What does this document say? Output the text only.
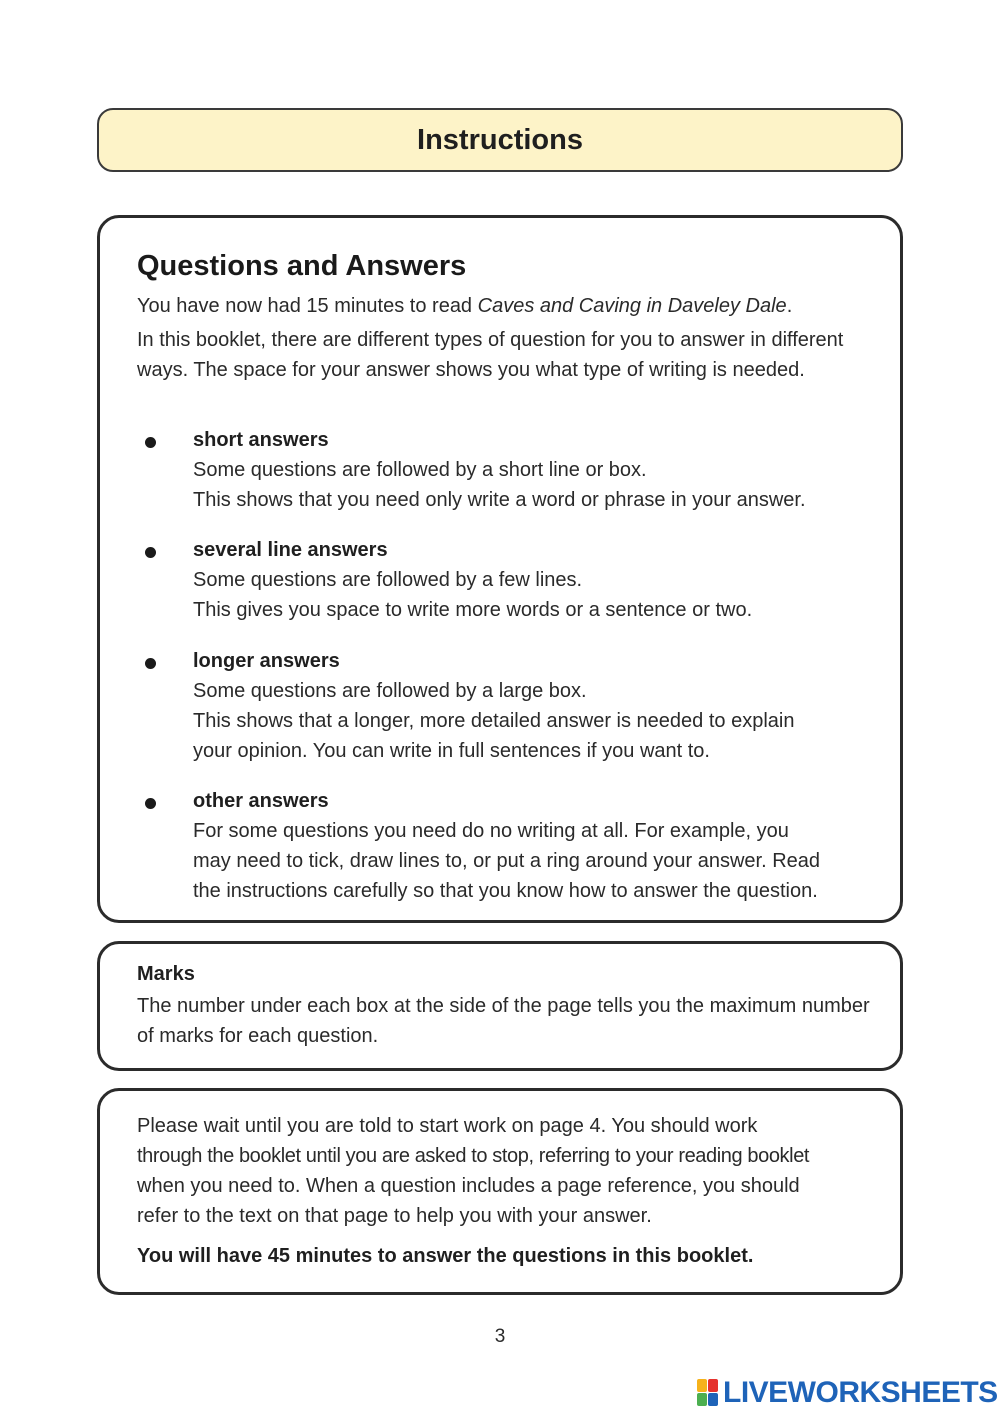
Instructions
Questions and Answers
You have now had 15 minutes to read Caves and Caving in Daveley Dale.
In this booklet, there are different types of question for you to answer in different ways. The space for your answer shows you what type of writing is needed.
short answers
Some questions are followed by a short line or box.
This shows that you need only write a word or phrase in your answer.
several line answers
Some questions are followed by a few lines.
This gives you space to write more words or a sentence or two.
longer answers
Some questions are followed by a large box.
This shows that a longer, more detailed answer is needed to explain
your opinion. You can write in full sentences if you want to.
other answers
For some questions you need do no writing at all. For example, you
may need to tick, draw lines to, or put a ring around your answer. Read
the instructions carefully so that you know how to answer the question.
Marks
The number under each box at the side of the page tells you the maximum number of marks for each question.
Please wait until you are told to start work on page 4. You should work
through the booklet until you are asked to stop, referring to your reading booklet
when you need to. When a question includes a page reference, you should
refer to the text on that page to help you with your answer.
You will have 45 minutes to answer the questions in this booklet.
3
LIVEWORKSHEETS
